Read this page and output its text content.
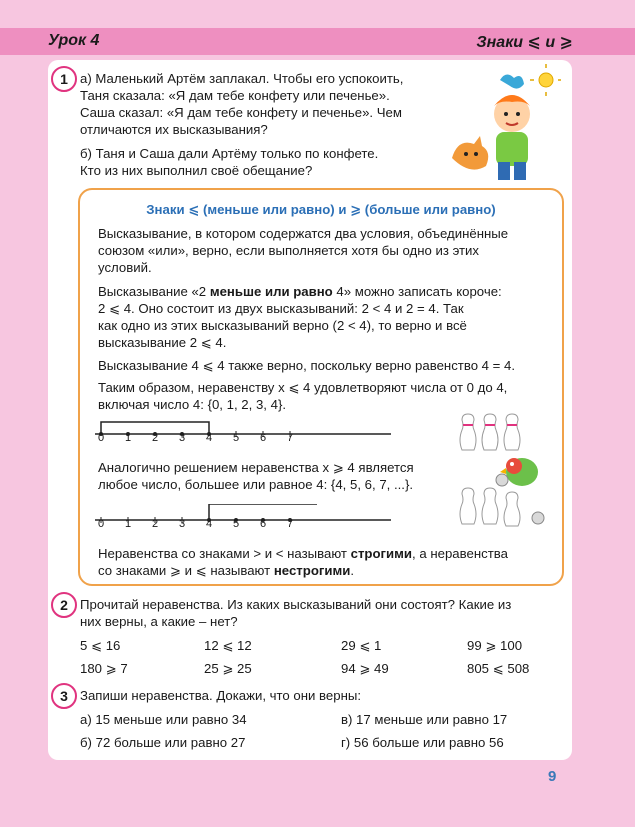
Урок 4	Знаки ⩽ и ⩾
1 а) Маленький Артём заплакал. Чтобы его успокоить,
Таня сказала: «Я дам тебе конфету или печенье».
Саша сказал: «Я дам тебе конфету и печенье». Чем
отличаются их высказывания?
б) Таня и Саша дали Артёму только по конфете.
Кто из них выполнил своё обещание?
Знаки ⩽ (меньше или равно) и ⩾ (больше или равно)
Высказывание, в котором содержатся два условия, объединённые
союзом «или», верно, если выполняется хотя бы одно из этих
условий.
Высказывание «2 меньше или равно 4» можно записать короче:
2 ⩽ 4. Оно состоит из двух высказываний: 2 < 4 и 2 = 4. Так
как одно из этих высказываний верно (2 < 4), то верно и всё
высказывание 2 ⩽ 4.
Высказывание 4 ⩽ 4 также верно, поскольку верно равенство 4 = 4.
Таким образом, неравенству x ⩽ 4 удовлетворяют числа от 0 до 4,
включая число 4: {0, 1, 2, 3, 4}.
Аналогично решением неравенства x ⩾ 4 является
любое число, большее или равное 4: {4, 5, 6, 7, ...}.
Неравенства со знаками > и < называют строгими, а неравенства
со знаками ⩾ и ⩽ называют нестрогими.
0 1 2 3 4 5 6 7
0 1 2 3 4 5 6 7
2 Прочитай неравенства. Из каких высказываний они состоят? Какие из
них верны, а какие – нет?
5 ⩽ 16	12 ⩽ 12	29 ⩽ 1	99 ⩾ 100
180 ⩾ 7	25 ⩾ 25	94 ⩾ 49	805 ⩽ 508
3 Запиши неравенства. Докажи, что они верны:
а) 15 меньше или равно 34	в) 17 меньше или равно 17
б) 72 больше или равно 27	г) 56 больше или равно 56
9
